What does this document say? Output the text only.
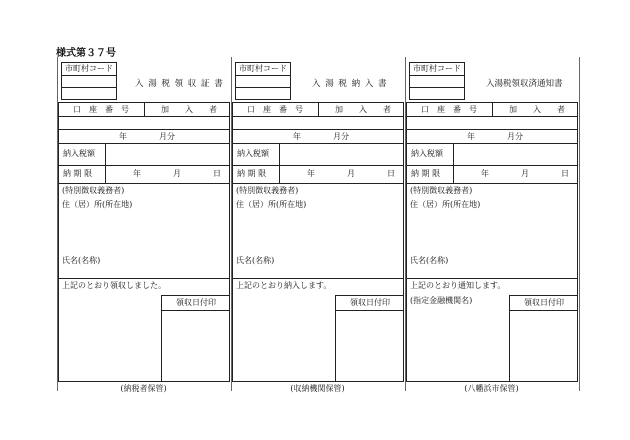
様式第３７号
市町村コード
入 湯 税 領 収 証 書
口　座　番　号	加　　入　　者
年　　　　月分
納入税額
納 期 限	年　　　　月　　　　日
(特別徴収義務者)
住（居）所(所在地)
氏名(名称)
上記のとおり領収しました。
領収日付印
(納税者保管)
市町村コード
入 湯 税 納 入 書
口　座　番　号	加　　入　　者
年　　　　月分
納入税額
納 期 限	年　　　　月　　　　日
(特別徴収義務者)
住（居）所(所在地)
氏名(名称)
上記のとおり納入します。
領収日付印
(収納機関保管)
市町村コード
入湯税領収済通知書
口　座　番　号	加　　入　　者
年　　　　月分
納入税額
納 期 限	年　　　　月　　　　日
(特別徴収義務者)
住（居）所(所在地)
氏名(名称)
上記のとおり通知します。
(指定金融機関名)	領収日付印
(八幡浜市保管)
